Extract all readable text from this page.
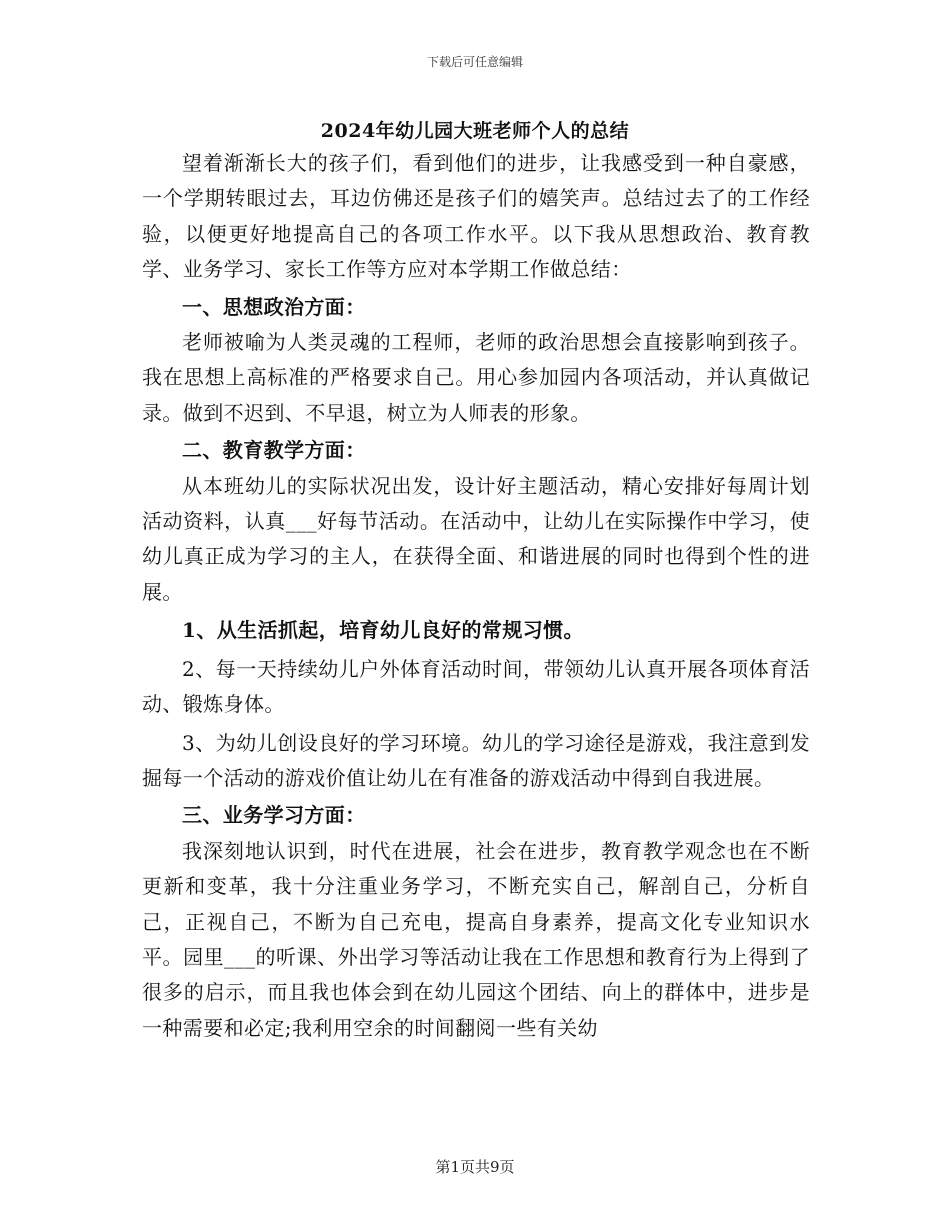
下载后可任意编辑
2024年幼儿园大班老师个人的总结

望着渐渐长大的孩子们，看到他们的进步，让我感受到一种自豪感，一个学期转眼过去，耳边仿佛还是孩子们的嬉笑声。总结过去了的工作经验，以便更好地提高自己的各项工作水平。以下我从思想政治、教育教学、业务学习、家长工作等方应对本学期工作做总结：

一、思想政治方面：

老师被喻为人类灵魂的工程师，老师的政治思想会直接影响到孩子。我在思想上高标准的严格要求自己。用心参加园内各项活动，并认真做记录。做到不迟到、不早退，树立为人师表的形象。

二、教育教学方面：

从本班幼儿的实际状况出发，设计好主题活动，精心安排好每周计划活动资料，认真___好每节活动。在活动中，让幼儿在实际操作中学习，使幼儿真正成为学习的主人，在获得全面、和谐进展的同时也得到个性的进展。

1、从生活抓起，培育幼儿良好的常规习惯。

2、每一天持续幼儿户外体育活动时间，带领幼儿认真开展各项体育活动、锻炼身体。

3、为幼儿创设良好的学习环境。幼儿的学习途径是游戏，我注意到发掘每一个活动的游戏价值让幼儿在有准备的游戏活动中得到自我进展。

三、业务学习方面：

我深刻地认识到，时代在进展，社会在进步，教育教学观念也在不断更新和变革，我十分注重业务学习，不断充实自己，解剖自己，分析自己，正视自己，不断为自己充电，提高自身素养，提高文化专业知识水平。园里___的听课、外出学习等活动让我在工作思想和教育行为上得到了很多的启示，而且我也体会到在幼儿园这个团结、向上的群体中，进步是一种需要和必定;我利用空余的时间翻阅一些有关幼

第1页共9页
